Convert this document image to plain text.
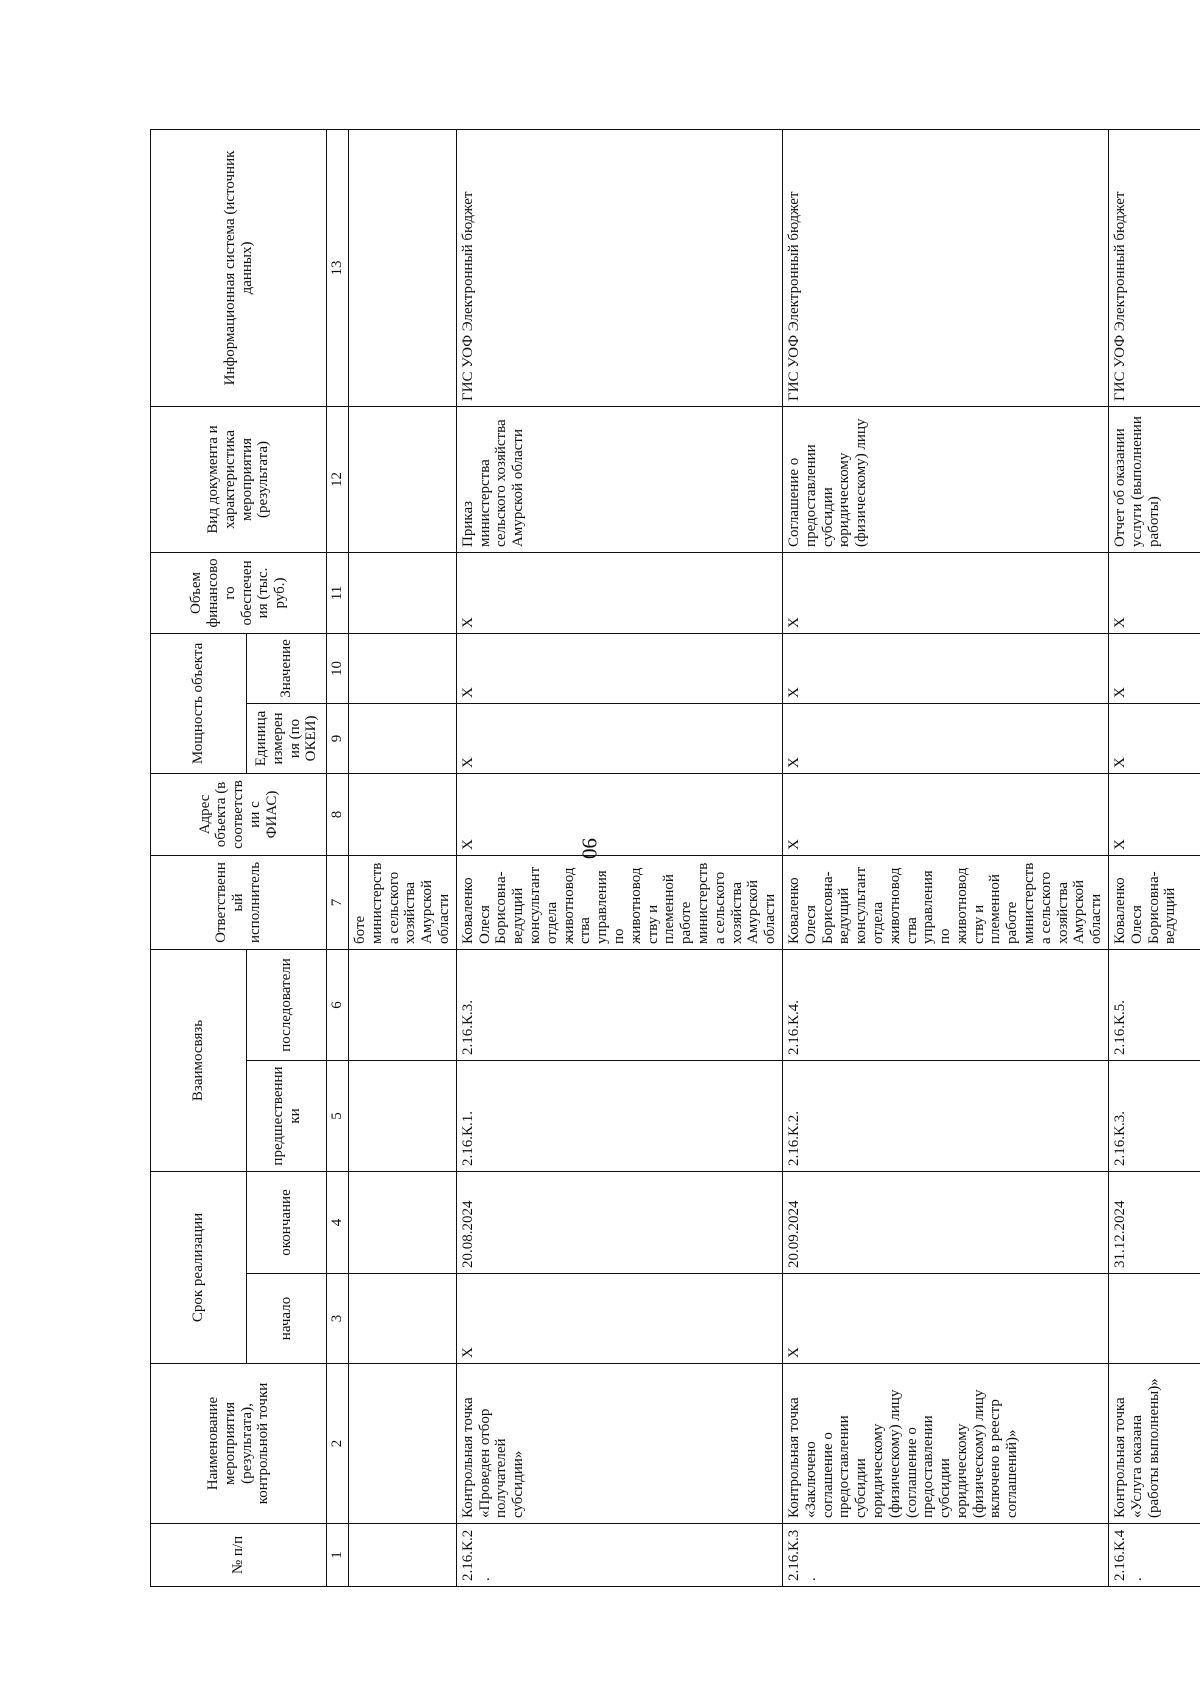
90
№ п/п	Наименование мероприятия (результата), контрольной точки	Срок реализации		Взаимосвязь		Ответственный исполнитель	Адрес объекта (в соответствии с ФИАС)	Мощность объекта		Объем финансового обеспечения (тыс. руб.)	Вид документа и характеристика мероприятия (результата)	Информационная система (источник данных)
		начало	окончание	предшественники	последователи			Единица измерения (по ОКЕИ)	Значение			
1	2	3	4	5	6	7	8	9	10	11	12	13
						боте министерства сельского хозяйства Амурской области						
2.16.К.2.	Контрольная точка «Проведен отбор получателей субсидии»	X	20.08.2024	2.16.К.1.	2.16.К.3.	Коваленко Олеся Борисовна- ведущий консультант отдела животноводства управления по животноводству и племенной работе министерства сельского хозяйства Амурской области	X	X	X	X	Приказ министерства сельского хозяйства Амурской области	ГИС УОФ Электронный бюджет
2.16.К.3.	Контрольная точка «Заключено соглашение о предоставлении субсидии юридическому (физическому) лицу (соглашение о предоставлении субсидии юридическому (физическому) лицу включено в реестр соглашений)»	X	20.09.2024	2.16.К.2.	2.16.К.4.	Коваленко Олеся Борисовна- ведущий консультант отдела животноводства управления по животноводству и племенной работе министерства сельского хозяйства Амурской области	X	X	X	X	Соглашение о предоставлении субсидии юридическому (физическому) лицу	ГИС УОФ Электронный бюджет
2.16.К.4.	Контрольная точка «Услуга оказана (работы выполнены)»		31.12.2024	2.16.К.3.	2.16.К.5.	Коваленко Олеся Борисовна- ведущий	X	X	X	X	Отчет об оказании услуги (выполнении работы)	ГИС УОФ Электронный бюджет
